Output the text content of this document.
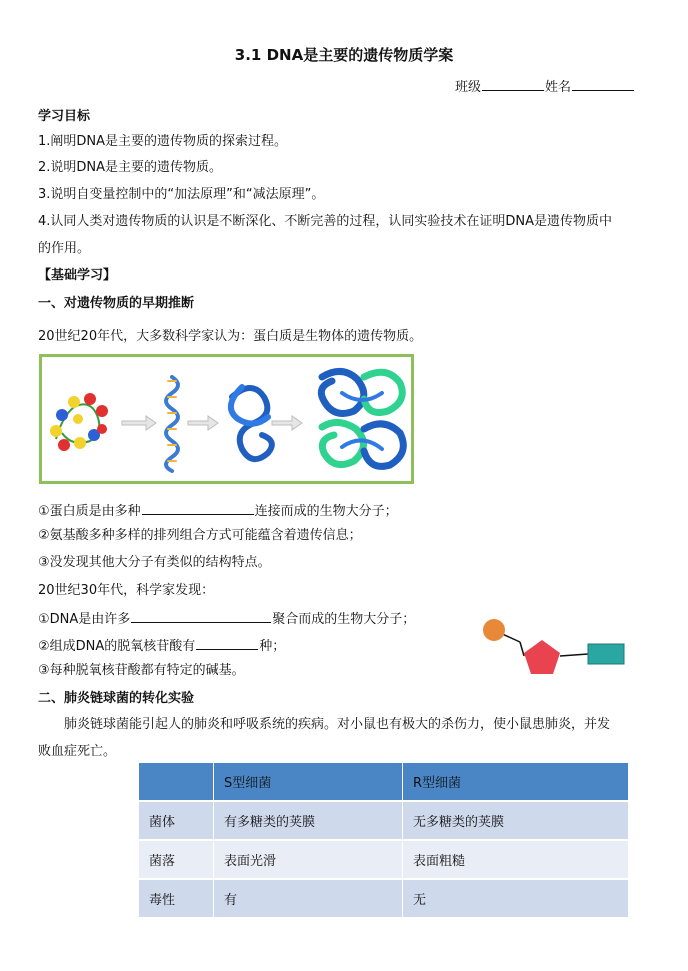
3.1 DNA是主要的遗传物质学案
班级	姓名
学习目标
1.阐明DNA是主要的遗传物质的探索过程。
2.说明DNA是主要的遗传物质。
3.说明自变量控制中的“加法原理”和“减法原理”。
4.认同人类对遗传物质的认识是不断深化、不断完善的过程，认同实验技术在证明DNA是遗传物质中
的作用。
【基础学习】
一、对遗传物质的早期推断
20世纪20年代，大多数科学家认为：蛋白质是生物体的遗传物质。
①蛋白质是由多种	连接而成的生物大分子；
②氨基酸多种多样的排列组合方式可能蕴含着遗传信息；
③没发现其他大分子有类似的结构特点。
20世纪30年代，科学家发现：
①DNA是由许多	聚合而成的生物大分子；
②组成DNA的脱氧核苷酸有	种；
③每种脱氧核苷酸都有特定的碱基。
二、肺炎链球菌的转化实验
肺炎链球菌能引起人的肺炎和呼吸系统的疾病。对小鼠也有极大的杀伤力，使小鼠患肺炎，并发
败血症死亡。
	S型细菌	R型细菌
菌体	有多糖类的荚膜	无多糖类的荚膜
菌落	表面光滑	表面粗糙
毒性	有	无
